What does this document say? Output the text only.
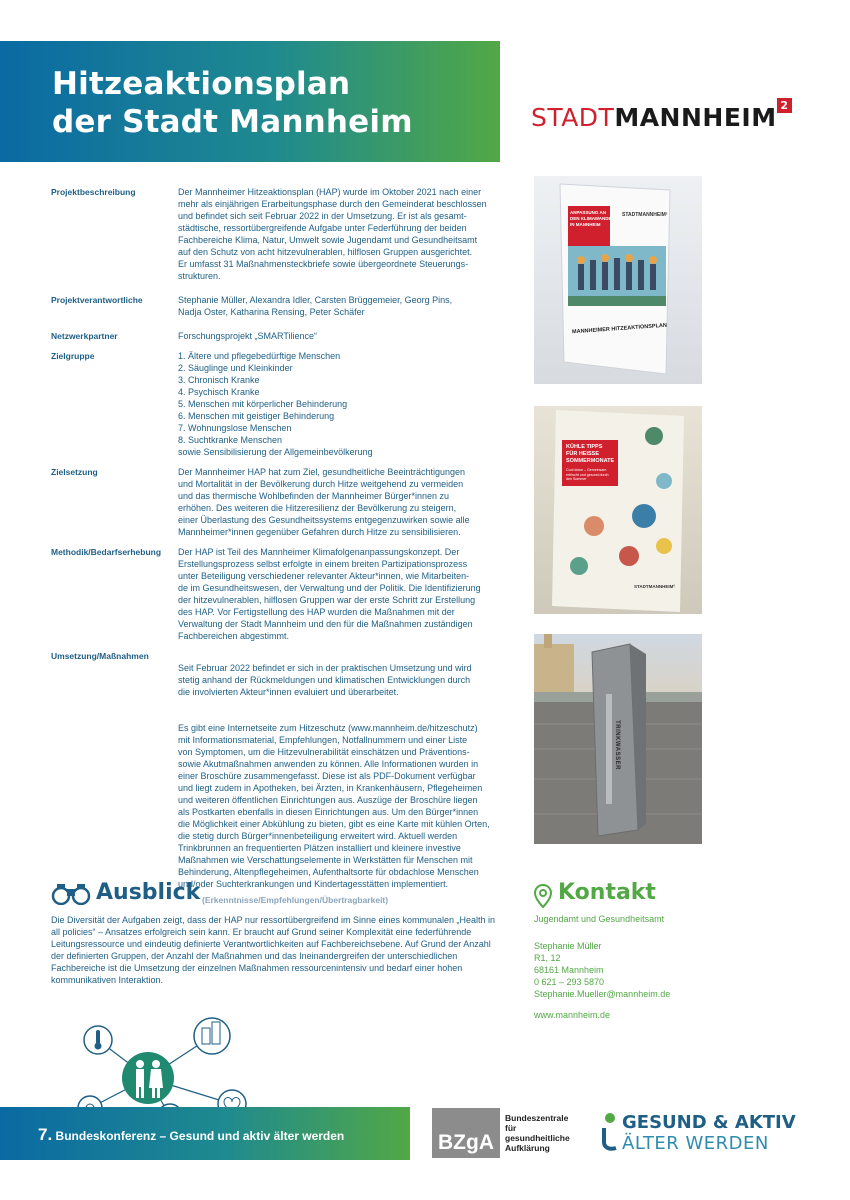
Hitzeaktionsplan
der Stadt Mannheim	STADTMANNHEIM 2
Projektbeschreibung	Der Mannheimer Hitzeaktionsplan (HAP) wurde im Oktober 2021 nach einer
mehr als einjährigen Erarbeitungsphase durch den Gemeinderat beschlossen
und befindet sich seit Februar 2022 in der Umsetzung. Er ist als gesamt-
städtische, ressortübergreifende Aufgabe unter Federführung der beiden
Fachbereiche Klima, Natur, Umwelt sowie Jugendamt und Gesundheitsamt
auf den Schutz von acht hitzevulnerablen, hilflosen Gruppen ausgerichtet.
Er umfasst 31 Maßnahmensteckbriefe sowie übergeordnete Steuerungs-
strukturen.

Projektverantwortliche	Stephanie Müller, Alexandra Idler, Carsten Brüggemeier, Georg Pins,
Nadja Oster, Katharina Rensing, Peter Schäfer

Netzwerkpartner	Forschungsprojekt „SMARTilience“

Zielgruppe	1. Ältere und pflegebedürftige Menschen
2. Säuglinge und Kleinkinder
3. Chronisch Kranke
4. Psychisch Kranke
5. Menschen mit körperlicher Behinderung
6. Menschen mit geistiger Behinderung
7. Wohnungslose Menschen
8. Suchtkranke Menschen
sowie Sensibilisierung der Allgemeinbevölkerung

Zielsetzung	Der Mannheimer HAP hat zum Ziel, gesundheitliche Beeinträchtigungen
und Mortalität in der Bevölkerung durch Hitze weitgehend zu vermeiden
und das thermische Wohlbefinden der Mannheimer Bürger*innen zu
erhöhen. Des weiteren die Hitzeresilienz der Bevölkerung zu steigern,
einer Überlastung des Gesundheitssystems entgegenzuwirken sowie alle
Mannheimer*innen gegenüber Gefahren durch Hitze zu sensibilisieren.

Methodik/Bedarfserhebung	Der HAP ist Teil des Mannheimer Klimafolgenanpassungskonzept. Der
Erstellungsprozess selbst erfolgte in einem breiten Partizipationsprozess
unter Beteiligung verschiedener relevanter Akteur*innen, wie Mitarbeiten-
de im Gesundheitswesen, der Verwaltung und der Politik. Die Identifizierung
der hitzevulnerablen, hilflosen Gruppen war der erste Schritt zur Erstellung
des HAP. Vor Fertigstellung des HAP wurden die Maßnahmen mit der
Verwaltung der Stadt Mannheim und den für die Maßnahmen zuständigen
Fachbereichen abgestimmt.

Umsetzung/Maßnahmen

Seit Februar 2022 befindet er sich in der praktischen Umsetzung und wird
stetig anhand der Rückmeldungen und klimatischen Entwicklungen durch
die involvierten Akteur*innen evaluiert und überarbeitet.

Es gibt eine Internetseite zum Hitzeschutz (www.mannheim.de/hitzeschutz)
mit Informationsmaterial, Empfehlungen, Notfallnummern und einer Liste
von Symptomen, um die Hitzevulnerabilität einschätzen und Präventions-
sowie Akutmaßnahmen anwenden zu können. Alle Informationen wurden in
einer Broschüre zusammengefasst. Diese ist als PDF-Dokument verfügbar
und liegt zudem in Apotheken, bei Ärzten, in Krankenhäusern, Pflegeheimen
und weiteren öffentlichen Einrichtungen aus. Auszüge der Broschüre liegen
als Postkarten ebenfalls in diesen Einrichtungen aus. Um den Bürger*innen
die Möglichkeit einer Abkühlung zu bieten, gibt es eine Karte mit kühlen Orten,
die stetig durch Bürger*innenbeteiligung erweitert wird. Aktuell werden
Trinkbrunnen an frequentierten Plätzen installiert und kleinere investive
Maßnahmen wie Verschattungselemente in Werkstätten für Menschen mit
Behinderung, Altenpflegeheimen, Aufenthaltsorte für obdachlose Menschen
und/oder Suchterkrankungen und Kindertagesstätten implementiert.

STADTMANNHEIM²
ANPASSUNG AN
DEN KLIMAWANDEL
IN MANNHEIM
MANNHEIMER HITZEAKTIONSPLAN
KÜHLE TIPPS
FÜR HEISSE
SOMMERMONATE
Cool down – Gemeinsam
erfrischt und gesund durch
den Sommer
STADTMANNHEIM²
TRINKWASSER
Ausblick (Erkenntnisse/Empfehlungen/Übertragbarkeit)
Die Diversität der Aufgaben zeigt, dass der HAP nur ressortübergreifend im Sinne eines kommunalen „Health in all policies“ – Ansatzes erfolgreich sein kann. Er braucht auf Grund seiner Komplexität eine federführende Leitungsressource und eindeutig definierte Verantwortlichkeiten auf Fachbereichsebene. Auf Grund der Anzahl der definierten Gruppen, der Anzahl der Maßnahmen und das Ineinandergreifen der unterschiedlichen Fachbereiche ist die Umsetzung der einzelnen Maßnahmen ressourcenintensiv und bedarf einer hohen kommunikativen Interaktion.
Kontakt
Jugendamt und Gesundheitsamt
Stephanie Müller
R1, 12
68161 Mannheim
0 621 – 293 5870
Stephanie.Mueller@mannheim.de
www.mannheim.de
7. Bundeskonferenz – Gesund und aktiv älter werden	BZgA
Bundeszentrale
für
gesundheitliche
Aufklärung
GESUND & AKTIV
ÄLTER WERDEN
